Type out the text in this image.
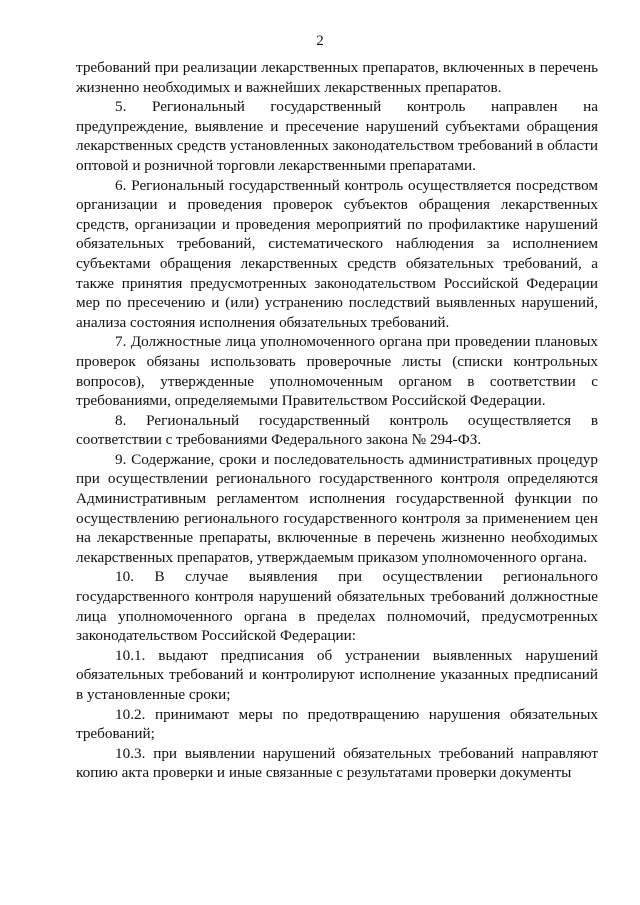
2

требований при реализации лекарственных препаратов, включенных в перечень жизненно необходимых и важнейших лекарственных препаратов.

5. Региональный государственный контроль направлен на предупреждение, выявление и пресечение нарушений субъектами обращения лекарственных средств установленных законодательством требований в области оптовой и розничной торговли лекарственными препаратами.

6. Региональный государственный контроль осуществляется посредством организации и проведения проверок субъектов обращения лекарственных средств, организации и проведения мероприятий по профилактике нарушений обязательных требований, систематического наблюдения за исполнением субъектами обращения лекарственных средств обязательных требований, а также принятия предусмотренных законодательством Российской Федерации мер по пресечению и (или) устранению последствий выявленных нарушений, анализа состояния исполнения обязательных требований.

7. Должностные лица уполномоченного органа при проведении плановых проверок обязаны использовать проверочные листы (списки контрольных вопросов), утвержденные уполномоченным органом в соответствии с требованиями, определяемыми Правительством Российской Федерации.

8. Региональный государственный контроль осуществляется в соответствии с требованиями Федерального закона № 294-ФЗ.

9. Содержание, сроки и последовательность административных процедур при осуществлении регионального государственного контроля определяются Административным регламентом исполнения государственной функции по осуществлению регионального государственного контроля за применением цен на лекарственные препараты, включенные в перечень жизненно необходимых лекарственных препаратов, утверждаемым приказом уполномоченного органа.

10. В случае выявления при осуществлении регионального государственного контроля нарушений обязательных требований должностные лица уполномоченного органа в пределах полномочий, предусмотренных законодательством Российской Федерации:

10.1. выдают предписания об устранении выявленных нарушений обязательных требований и контролируют исполнение указанных предписаний в установленные сроки;

10.2. принимают меры по предотвращению нарушения обязательных требований;

10.3. при выявлении нарушений обязательных требований направляют копию акта проверки и иные связанные с результатами проверки документы
